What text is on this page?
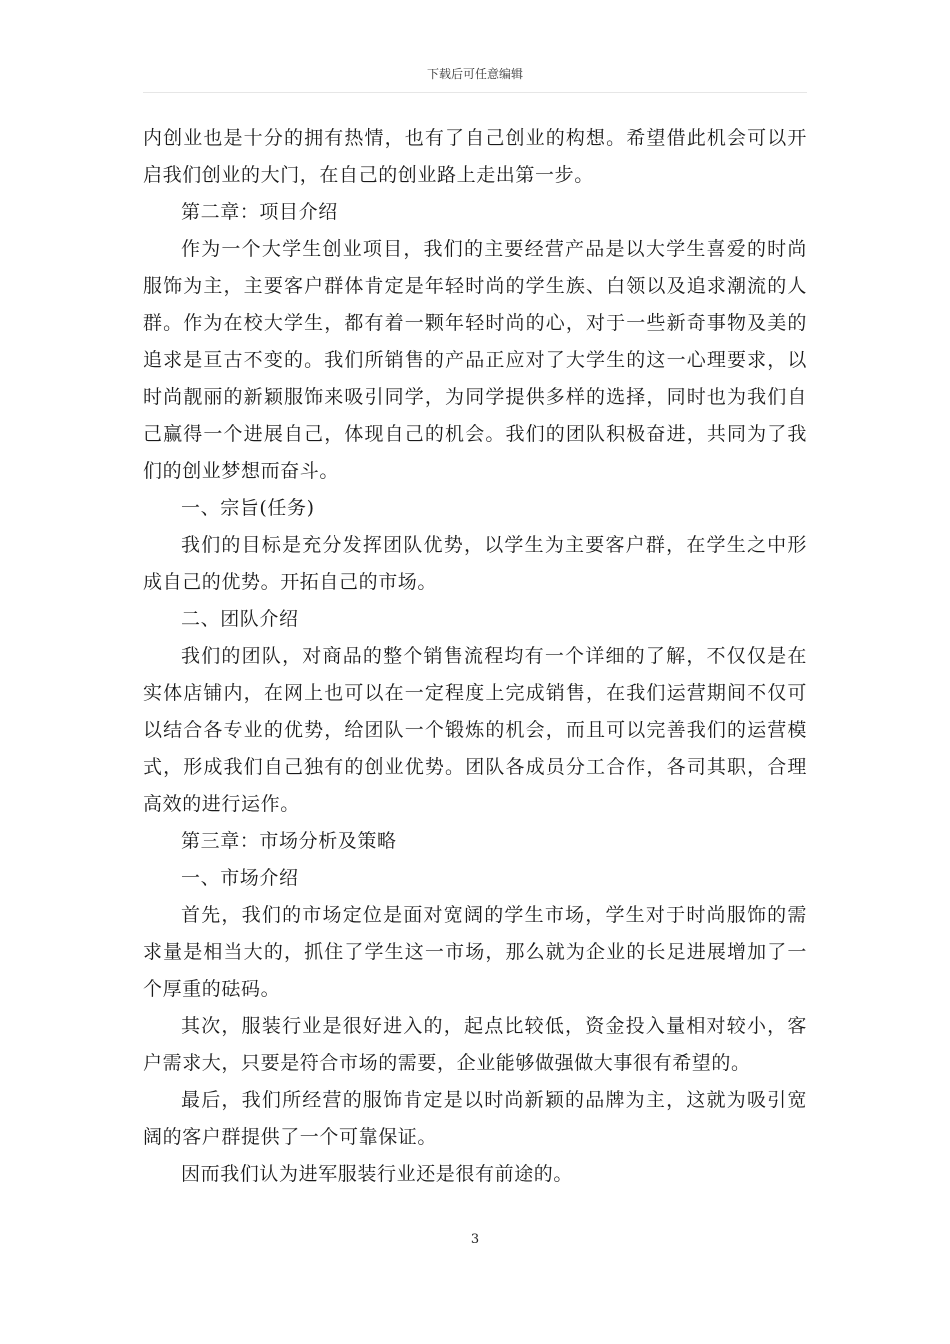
下载后可任意编辑

内创业也是十分的拥有热情，也有了自己创业的构想。希望借此机会可以开启我们创业的大门，在自己的创业路上走出第一步。

第二章：项目介绍

作为一个大学生创业项目，我们的主要经营产品是以大学生喜爱的时尚服饰为主，主要客户群体肯定是年轻时尚的学生族、白领以及追求潮流的人群。作为在校大学生，都有着一颗年轻时尚的心，对于一些新奇事物及美的追求是亘古不变的。我们所销售的产品正应对了大学生的这一心理要求，以时尚靓丽的新颖服饰来吸引同学，为同学提供多样的选择，同时也为我们自己赢得一个进展自己，体现自己的机会。我们的团队积极奋进，共同为了我们的创业梦想而奋斗。

一、宗旨(任务)

我们的目标是充分发挥团队优势，以学生为主要客户群，在学生之中形成自己的优势。开拓自己的市场。

二、团队介绍

我们的团队，对商品的整个销售流程均有一个详细的了解，不仅仅是在实体店铺内，在网上也可以在一定程度上完成销售，在我们运营期间不仅可以结合各专业的优势，给团队一个锻炼的机会，而且可以完善我们的运营模式，形成我们自己独有的创业优势。团队各成员分工合作，各司其职，合理高效的进行运作。

第三章：市场分析及策略

一、市场介绍

首先，我们的市场定位是面对宽阔的学生市场，学生对于时尚服饰的需求量是相当大的，抓住了学生这一市场，那么就为企业的长足进展增加了一个厚重的砝码。

其次，服装行业是很好进入的，起点比较低，资金投入量相对较小，客户需求大，只要是符合市场的需要，企业能够做强做大事很有希望的。

最后，我们所经营的服饰肯定是以时尚新颖的品牌为主，这就为吸引宽阔的客户群提供了一个可靠保证。

因而我们认为进军服装行业还是很有前途的。

3
